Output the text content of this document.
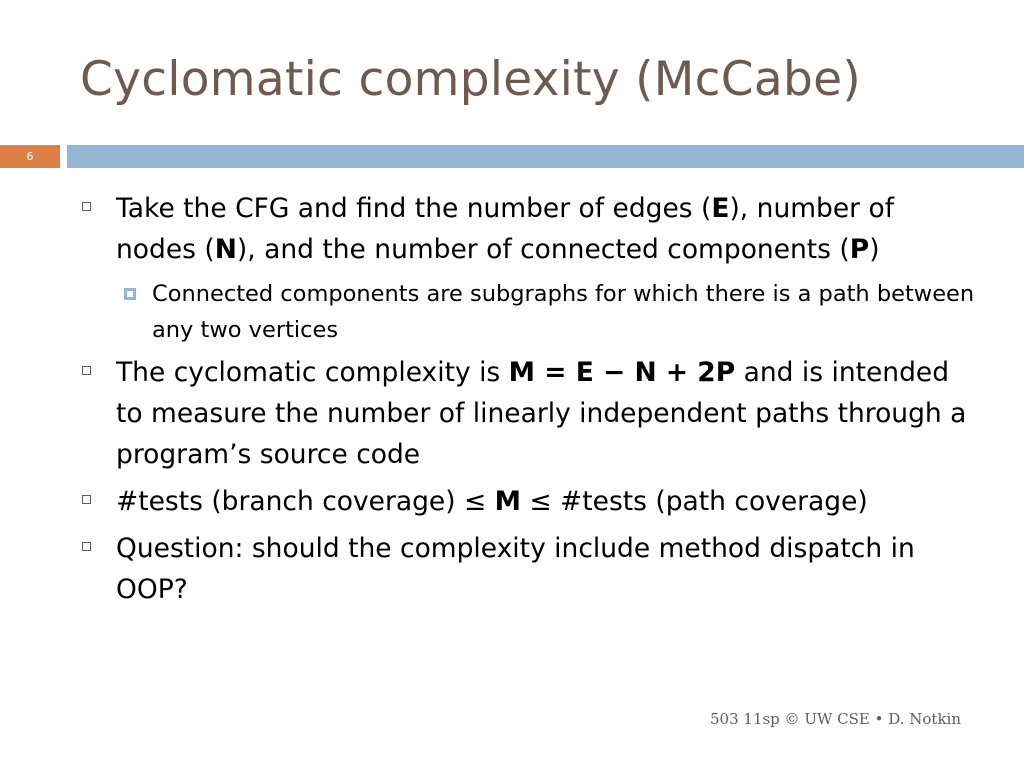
Cyclomatic complexity (McCabe)
6
Take the CFG and find the number of edges (E), number of nodes (N), and the number of connected components (P)
Connected components are subgraphs for which there is a path between any two vertices
The cyclomatic complexity is M = E − N + 2P and is intended to measure the number of linearly independent paths through a program’s source code
#tests (branch coverage) ≤ M ≤ #tests (path coverage)
Question: should the complexity include method dispatch in OOP?
503 11sp © UW CSE • D. Notkin
